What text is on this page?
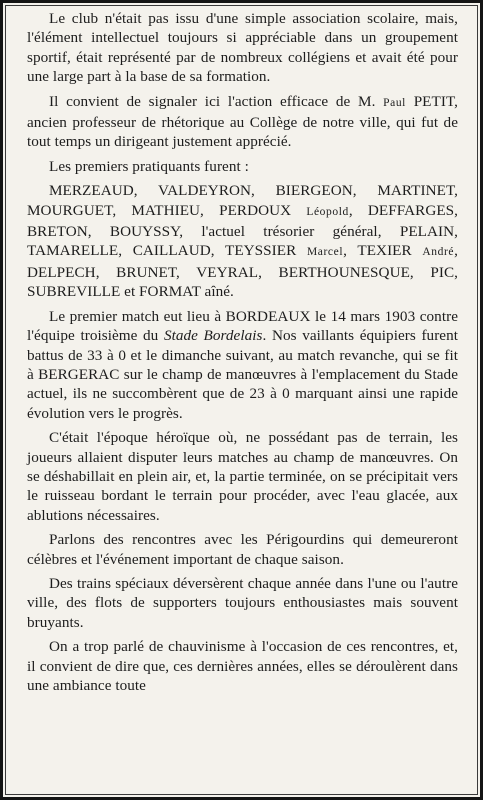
Le club n'était pas issu d'une simple association scolaire, mais, l'élément intellectuel toujours si appréciable dans un groupement sportif, était représenté par de nombreux collégiens et avait été pour une large part à la base de sa formation.

Il convient de signaler ici l'action efficace de M. Paul PETIT, ancien professeur de rhétorique au Collège de notre ville, qui fut de tout temps un dirigeant justement apprécié.

Les premiers pratiquants furent :

MERZEAUD, VALDEYRON, BIERGEON, MARTINET, MOURGUET, MATHIEU, PERDOUX Léopold, DEFFARGES, BRETON, BOUYSSY, l'actuel trésorier général, PELAIN, TAMARELLE, CAILLAUD, TEYSSIER Marcel, TEXIER André, DELPECH, BRUNET, VEYRAL, BERTHOUNESQUE, PIC, SUBREVILLE et FORMAT aîné.

Le premier match eut lieu à BORDEAUX le 14 mars 1903 contre l'équipe troisième du Stade Bordelais. Nos vaillants équipiers furent battus de 33 à 0 et le dimanche suivant, au match revanche, qui se fit à BERGERAC sur le champ de manœuvres à l'emplacement du Stade actuel, ils ne succombèrent que de 23 à 0 marquant ainsi une rapide évolution vers le progrès.

C'était l'époque héroïque où, ne possédant pas de terrain, les joueurs allaient disputer leurs matches au champ de manœuvres. On se déshabillait en plein air, et, la partie terminée, on se précipitait vers le ruisseau bordant le terrain pour procéder, avec l'eau glacée, aux ablutions nécessaires.

Parlons des rencontres avec les Périgourdins qui demeureront célèbres et l'événement important de chaque saison.

Des trains spéciaux déversèrent chaque année dans l'une ou l'autre ville, des flots de supporters toujours enthousiastes mais souvent bruyants.

On a trop parlé de chauvinisme à l'occasion de ces rencontres, et, il convient de dire que, ces dernières années, elles se déroulèrent dans une ambiance toute
